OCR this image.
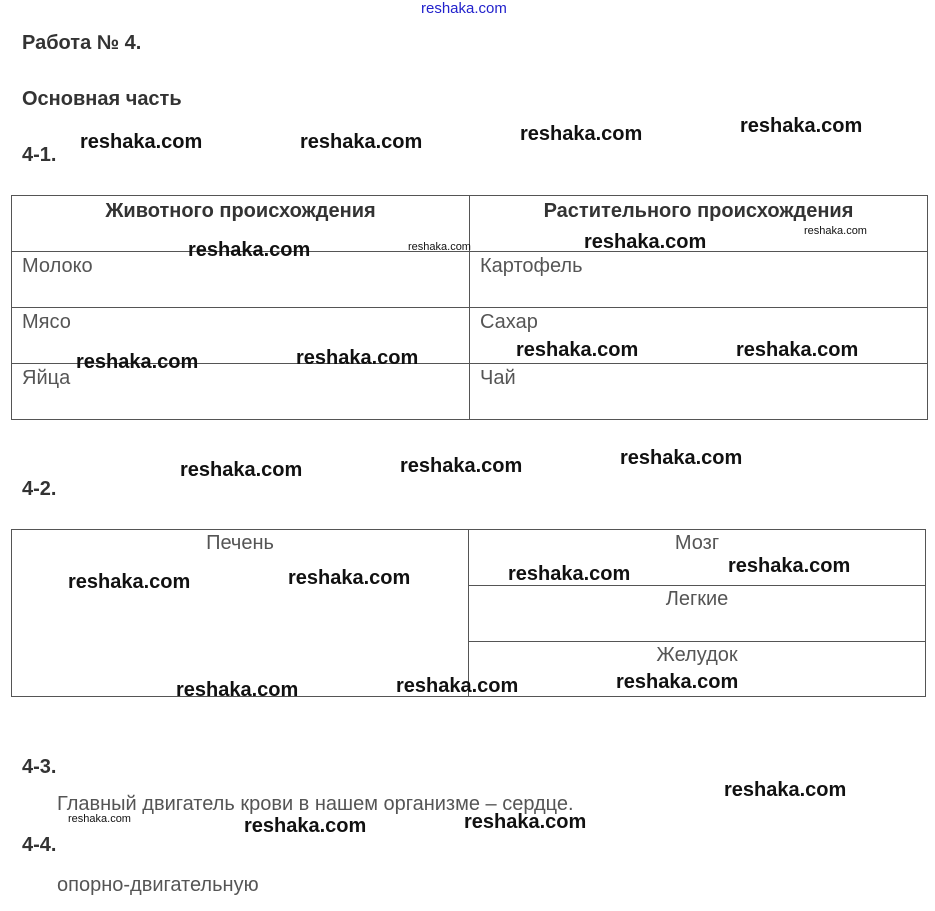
reshaka.com
Работа № 4.
Основная часть
4-1.
Животного происхождения	Растительного происхождения

Молоко	Картофель

Мясо	Сахар

Яйца	Чай
4-2.
Печень	Мозг
Легкие
Желудок
4-3.
Главный двигатель крови в нашем организме – сердце.
4-4.
опорно-двигательную
reshaka.com	reshaka.com	reshaka.com	reshaka.com
reshaka.com	reshaka.com	reshaka.com	reshaka.com
reshaka.com	reshaka.com	reshaka.com	reshaka.com
reshaka.com	reshaka.com	reshaka.com
reshaka.com	reshaka.com	reshaka.com	reshaka.com
reshaka.com	reshaka.com	reshaka.com
reshaka.com
reshaka.com	reshaka.com	reshaka.com
